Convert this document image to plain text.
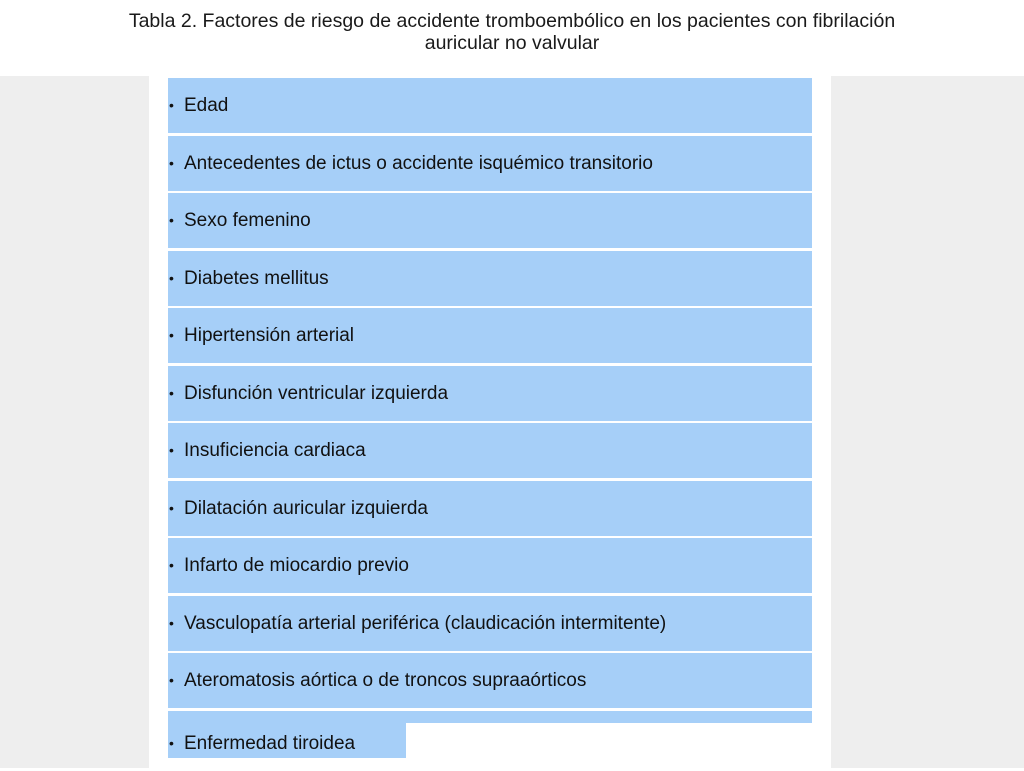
Tabla 2. Factores de riesgo de accidente tromboembólico en los pacientes con fibrilación
auricular no valvular
• Edad
• Antecedentes de ictus o accidente isquémico transitorio
• Sexo femenino
• Diabetes mellitus
• Hipertensión arterial
• Disfunción ventricular izquierda
• Insuficiencia cardiaca
• Dilatación auricular izquierda
• Infarto de miocardio previo
• Vasculopatía arterial periférica (claudicación intermitente)
• Ateromatosis aórtica o de troncos supraaórticos
• Enfermedad tiroidea
